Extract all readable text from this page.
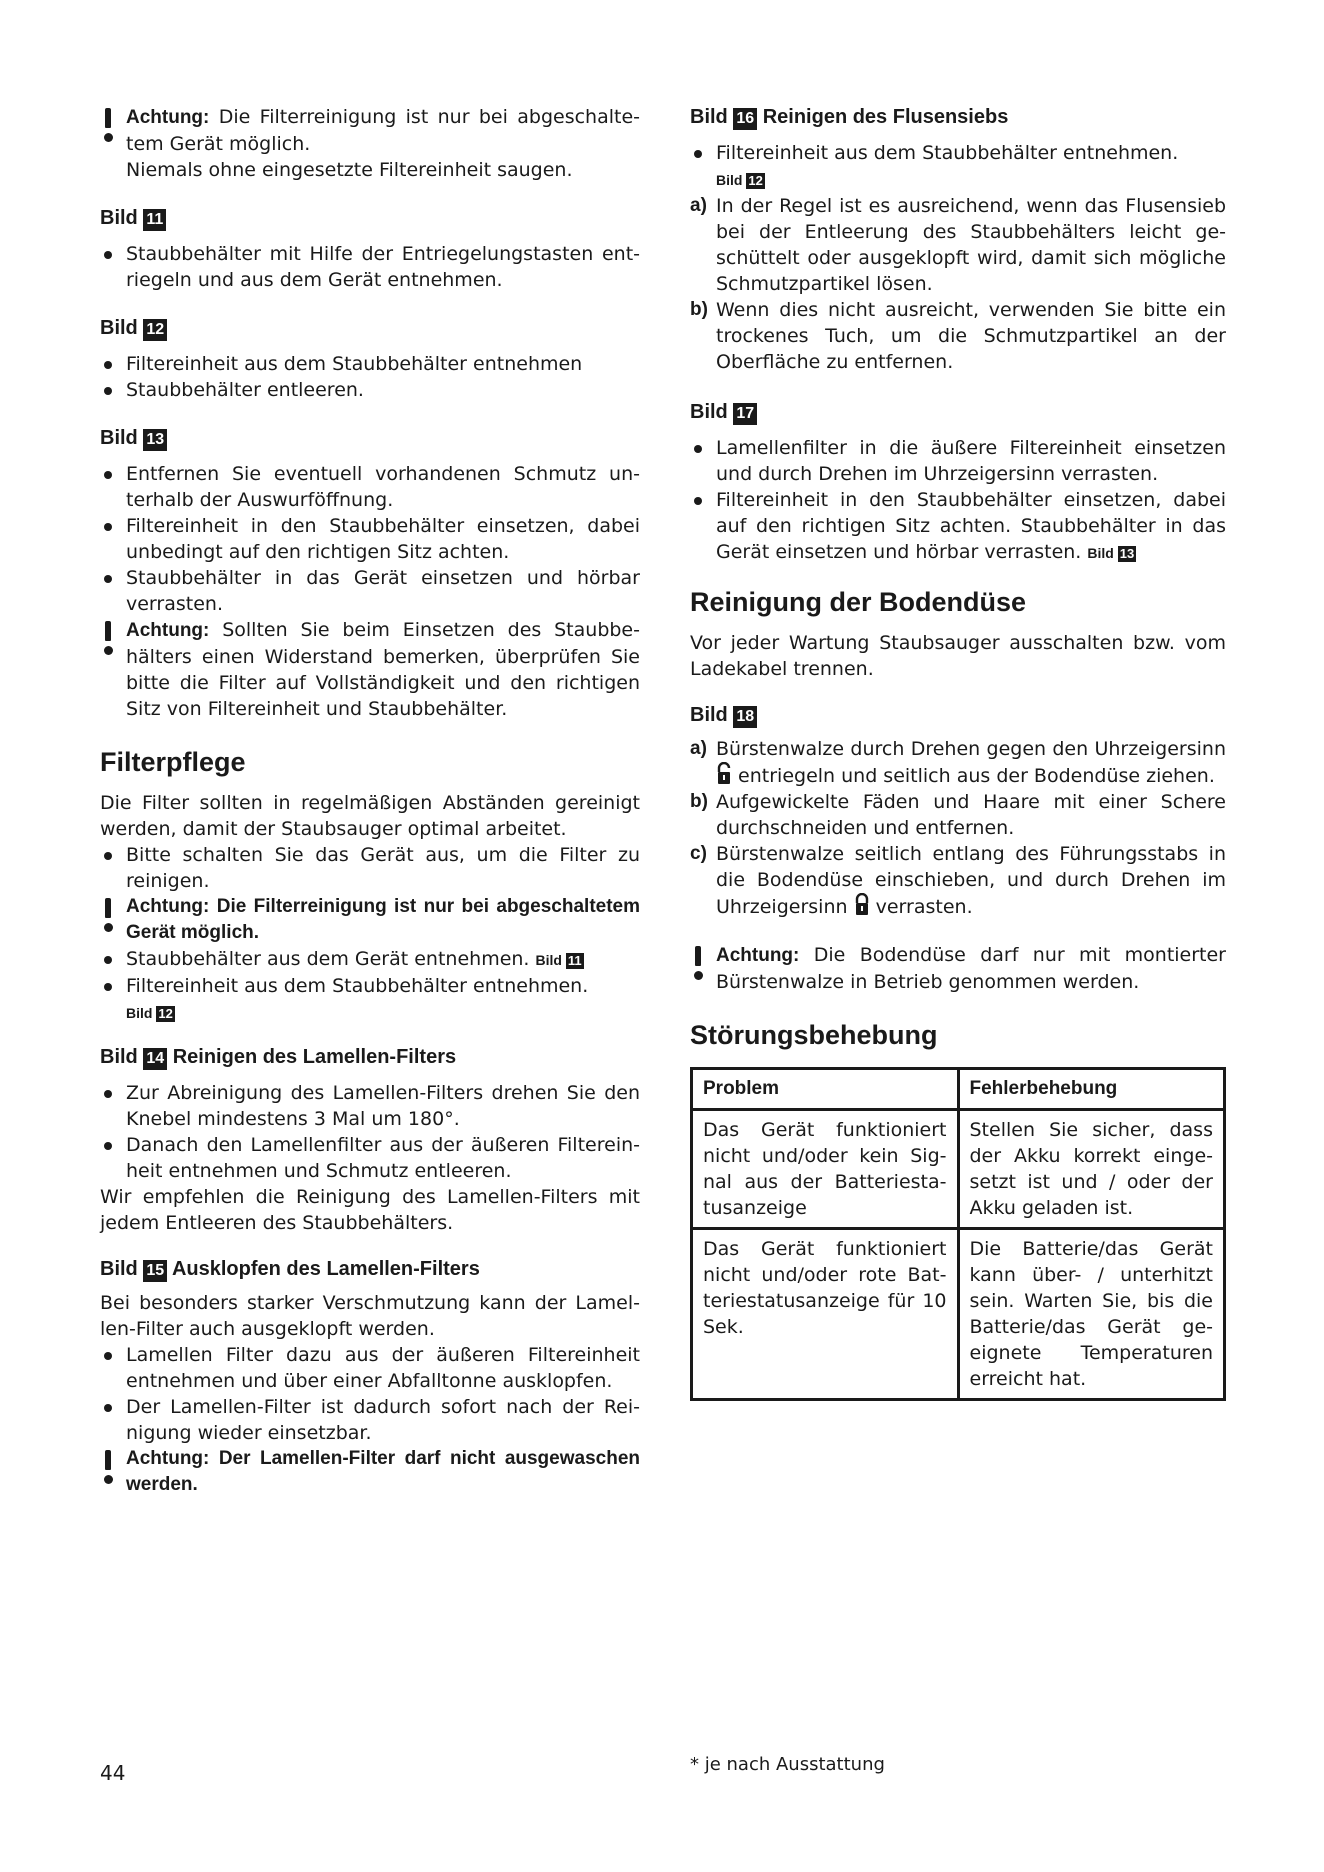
Achtung: Die Filterreinigung ist nur bei abgeschaltetem Gerät möglich.
Niemals ohne eingesetzte Filtereinheit saugen.

Bild 11

Staubbehälter mit Hilfe der Entriegelungstasten entriegeln und aus dem Gerät entnehmen.

Bild 12

Filtereinheit aus dem Staubbehälter entnehmen
Staubbehälter entleeren.

Bild 13

Entfernen Sie eventuell vorhandenen Schmutz unterhalb der Auswurföffnung.
Filtereinheit in den Staubbehälter einsetzen, dabei unbedingt auf den richtigen Sitz achten.
Staubbehälter in das Gerät einsetzen und hörbar verrasten.
Achtung: Sollten Sie beim Einsetzen des Staubbehälters einen Widerstand bemerken, überprüfen Sie bitte die Filter auf Vollständigkeit und den richtigen Sitz von Filtereinheit und Staubbehälter.
Filterpflege

Die Filter sollten in regelmäßigen Abständen gereinigt werden, damit der Staubsauger optimal arbeitet.

Bitte schalten Sie das Gerät aus, um die Filter zu reinigen.
Achtung: Die Filterreinigung ist nur bei abgeschaltetem Gerät möglich.
Staubbehälter aus dem Gerät entnehmen. Bild 11
Filtereinheit aus dem Staubbehälter entnehmen.
Bild 12

Bild 14 Reinigen des Lamellen-Filters

Zur Abreinigung des Lamellen-Filters drehen Sie den Knebel mindestens 3 Mal um 180°.
Danach den Lamellenfilter aus der äußeren Filtereinheit entnehmen und Schmutz entleeren.

Wir empfehlen die Reinigung des Lamellen-Filters mit jedem Entleeren des Staubbehälters.

Bild 15 Ausklopfen des Lamellen-Filters

Bei besonders starker Verschmutzung kann der Lamellen-Filter auch ausgeklopft werden.

Lamellen Filter dazu aus der äußeren Filtereinheit entnehmen und über einer Abfalltonne ausklopfen.
Der Lamellen-Filter ist dadurch sofort nach der Reinigung wieder einsetzbar.
Achtung: Der Lamellen-Filter darf nicht ausgewaschen werden.

Bild 16 Reinigen des Flusensiebs

Filtereinheit aus dem Staubbehälter entnehmen.
Bild 12
a) In der Regel ist es ausreichend, wenn das Flusensieb bei der Entleerung des Staubbehälters leicht geschüttelt oder ausgeklopft wird, damit sich mögliche Schmutzpartikel lösen.
b) Wenn dies nicht ausreicht, verwenden Sie bitte ein trockenes Tuch, um die Schmutzpartikel an der Oberfläche zu entfernen.

Bild 17

Lamellenfilter in die äußere Filtereinheit einsetzen und durch Drehen im Uhrzeigersinn verrasten.
Filtereinheit in den Staubbehälter einsetzen, dabei auf den richtigen Sitz achten. Staubbehälter in das Gerät einsetzen und hörbar verrasten. Bild 13
Reinigung der Bodendüse

Vor jeder Wartung Staubsauger ausschalten bzw. vom Ladekabel trennen.

Bild 18

a) Bürstenwalze durch Drehen gegen den Uhrzeigersinn  entriegeln und seitlich aus der Bodendüse ziehen.
b) Aufgewickelte Fäden und Haare mit einer Schere durchschneiden und entfernen.
c) Bürstenwalze seitlich entlang des Führungsstabs in die Bodendüse einschieben, und durch Drehen im Uhrzeigersinn verrasten.
Achtung: Die Bodendüse darf nur mit montierter Bürstenwalze in Betrieb genommen werden.
Störungsbehebung
Problem	Fehlerbehebung
Das Gerät funktioniert nicht und/oder kein Signal aus der Batteriestatusanzeige	Stellen Sie sicher, dass der Akku korrekt eingesetzt ist und / oder der Akku geladen ist.
Das Gerät funktioniert nicht und/oder rote Batteriestatusanzeige für 10 Sek.	Die Batterie/das Gerät kann über- / unterhitzt sein. Warten Sie, bis die Batterie/das Gerät geeignete Temperaturen erreicht hat.
44	* je nach Ausstattung
